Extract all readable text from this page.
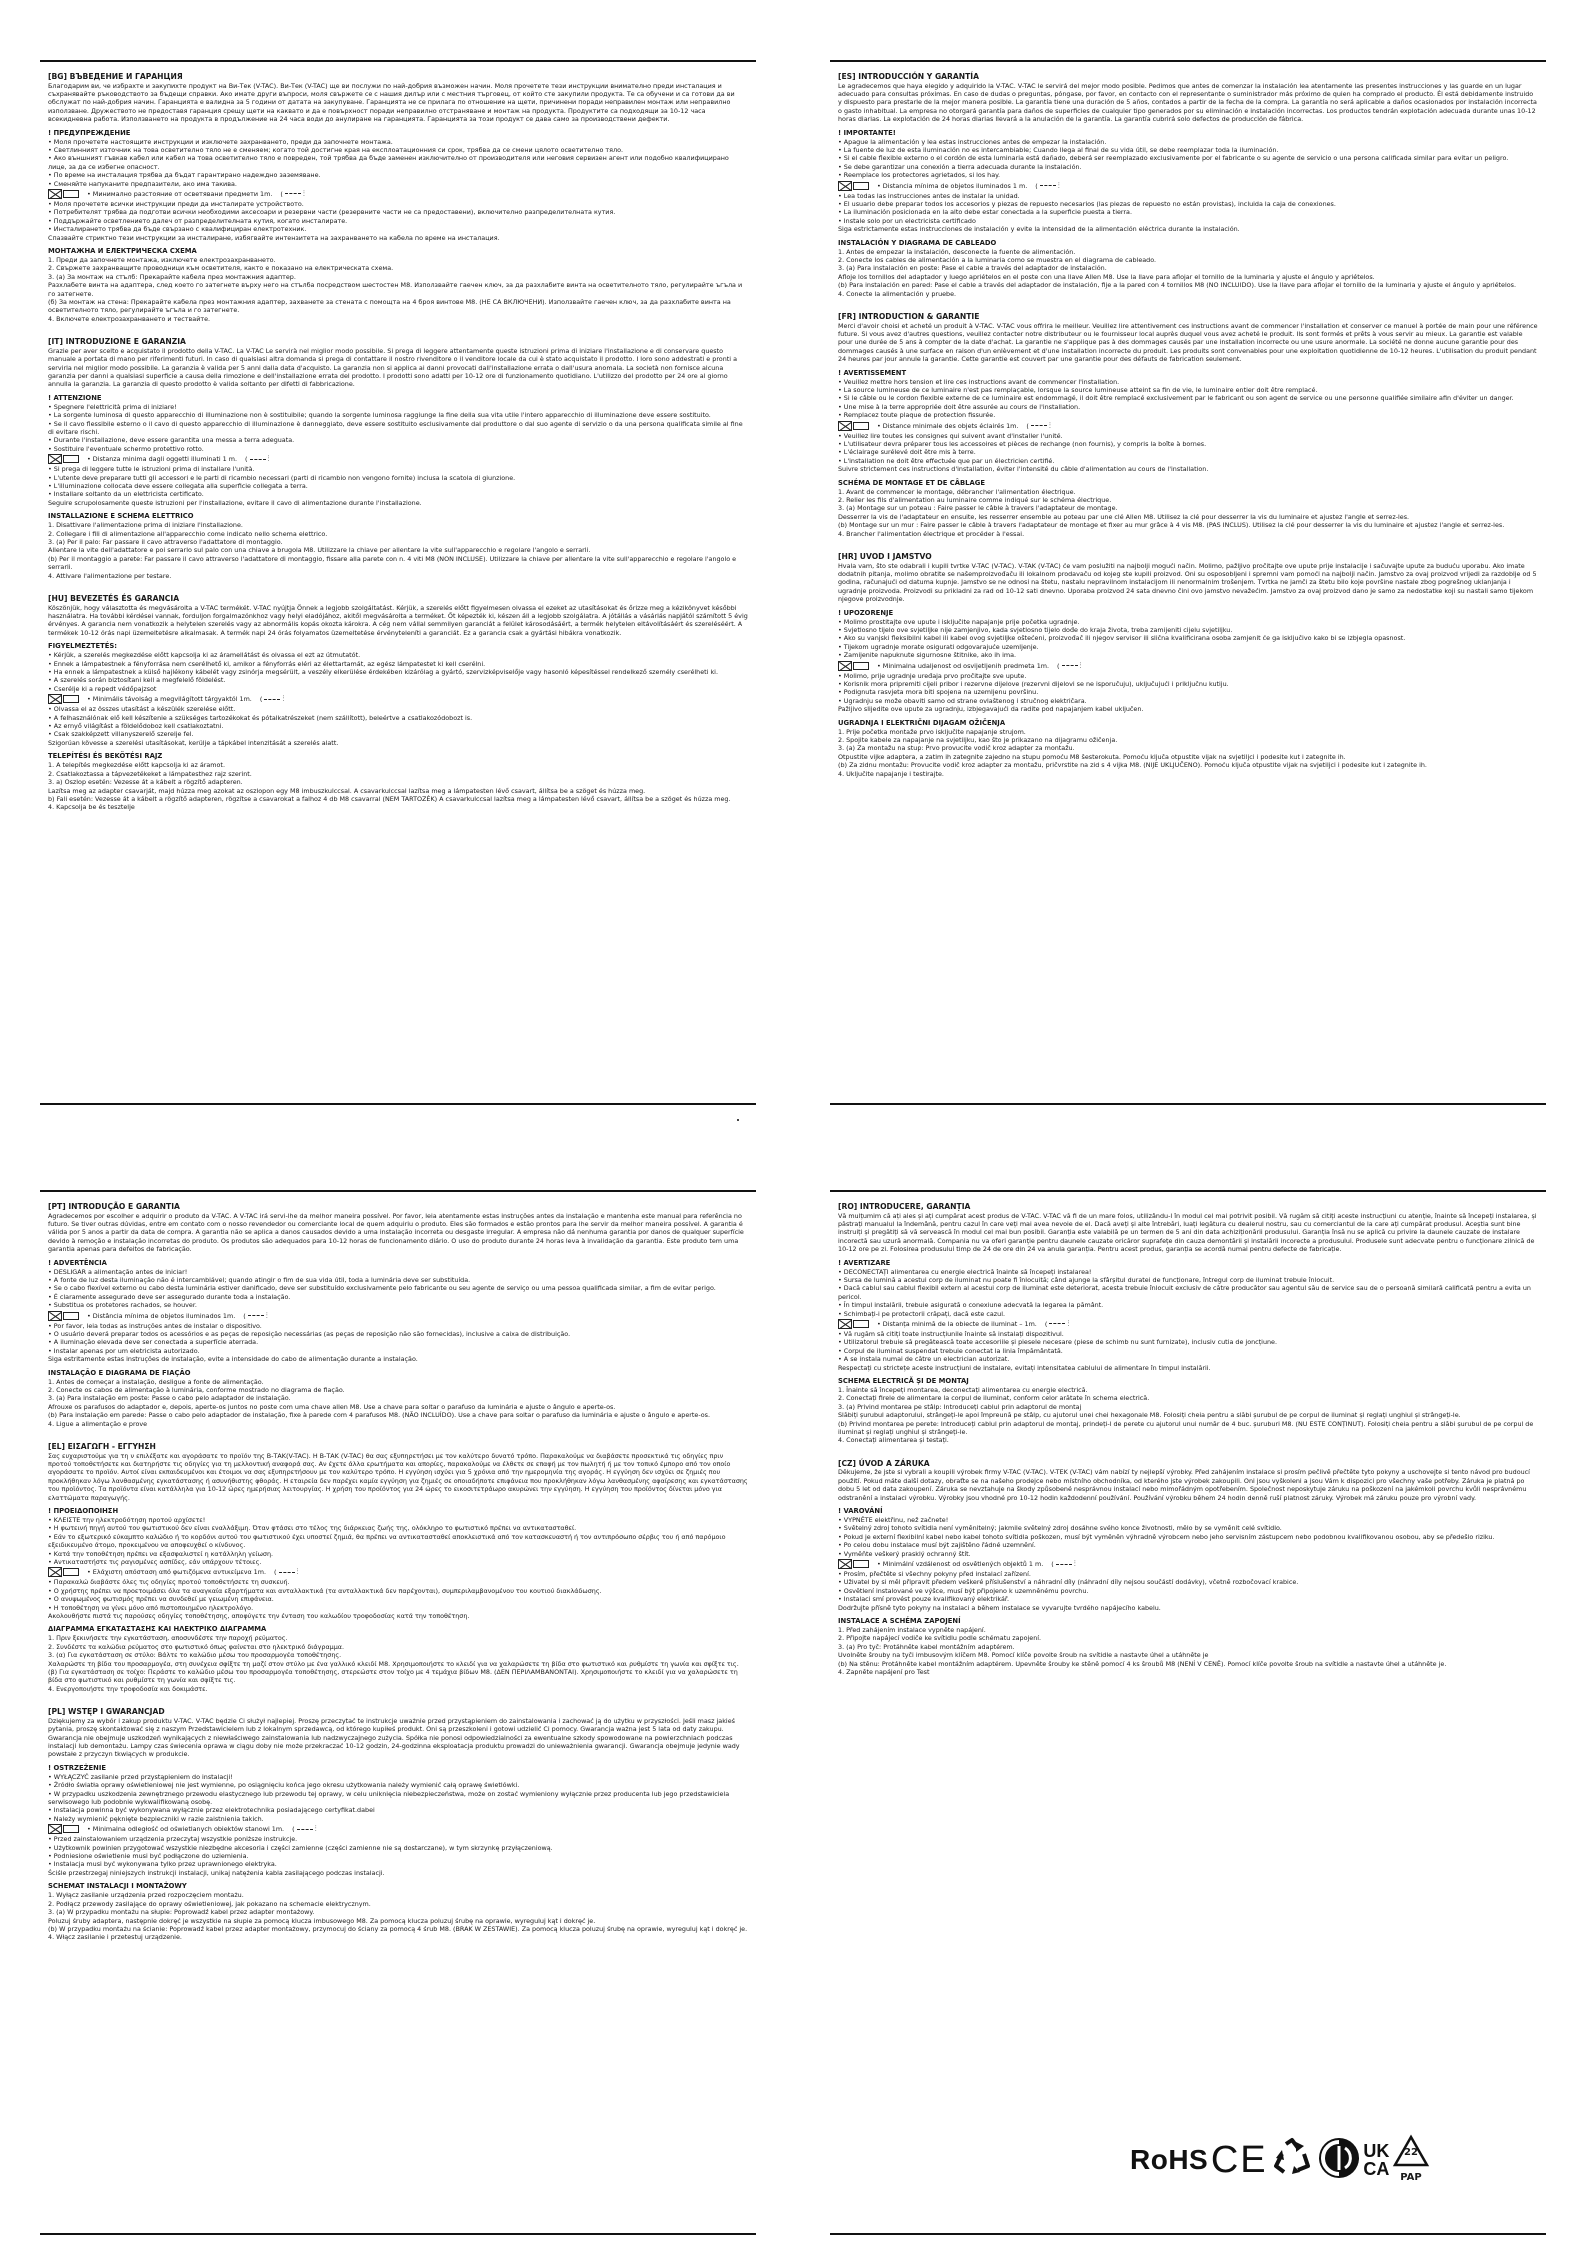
[BG] ВЪВЕДЕНИЕ И ГАРАНЦИЯ

Благодарим ви, че избрахте и закупихте продукт на Ви-Тек (V-TAC). Ви-Тек (V-TAC) ще ви послужи по най-добрия възможен начин. Моля прочетете тези инструкции внимателно преди инсталация и съхранявайте ръководството за бъдещи справки. Ако имате други въпроси, моля свържете се с нашия дилър или с местния търговец, от който сте закупили продукта. Те са обучени и са готови да ви обслужат по най-добрия начин. Гаранцията е валидна за 5 години от датата на закупуване. Гаранцията не се прилага по отношение на щети, причинени поради неправилен монтаж или неправилно използване. Дружеството не предоставя гаранция срещу щети на каквато и да е повърхност поради неправилно отстраняване и монтаж на продукта. Продуктите са подходящи за 10-12 часа всекидневна работа. Използването на продукта в продължение на 24 часа води до анулиране на гаранцията. Гаранцията за този продукт се дава само за производствени дефекти.

! ПРЕДУПРЕЖДЕНИЕ
• Моля прочетете настоящите инструкции и изключете захранването, преди да започнете монтажа.
• Светлинният източник на това осветително тяло не е сменяем; когато той достигне края на експлоатационния си срок, трябва да се смени цялото осветително тяло.
• Ако външният гъвкав кабел или кабел на това осветително тяло е повреден, той трябва да бъде заменен изключително от производителя или неговия сервизен агент или подобно квалифицирано лице, за да се избегне опасност.
• По време на инсталация трябва да бъдат гарантирано надеждно заземяване.
• Сменяйте напуканите предпазители, ако има такива.
• Минимално разстояние от осветявани предмети 1m. (	⫶
• Моля прочетете всички инструкции преди да инсталирате устройството.
• Потребителят трябва да подготви всички необходими аксесоари и резервни части (резервните части не са предоставени), включително разпределителната кутия.
• Поддържайте осветлението далеч от разпределителната кутия, когато инсталирате.
• Инсталирането трябва да бъде свързано с квалифициран електротехник.
Спазвайте стриктно тези инструкции за инсталиране, избягвайте интензитета на захранването на кабела по време на инсталация.
МОНТАЖНА И ЕЛЕКТРИЧЕСКА СХЕМА
1. Преди да започнете монтажа, изключете електрозахранването.
2. Свържете захранващите проводници към осветителя, както е показано на електрическата схема.
3. (а) За монтаж на стълб: Прекарайте кабела през монтажния адаптер.
Разхлабете винта на адаптера, след което го затегнете върху него на стълба посредством шестостен M8. Използвайте гаечен ключ, за да разхлабите винта на осветителното тяло, регулирайте ъгъла и го затегнете.
(б) За монтаж на стена: Прекарайте кабела през монтажния адаптер, захванете за стената с помощта на 4 броя винтове M8. (НЕ СА ВКЛЮЧЕНИ). Използвайте гаечен ключ, за да разхлабите винта на осветителното тяло, регулирайте ъгъла и го затегнете.
4. Включете електрозахранването и тествайте.
[IT] INTRODUZIONE E GARANZIA

Grazie per aver scelto e acquistato il prodotto della V-TAC. La V-TAC Le servirà nel miglior modo possibile. Si prega di leggere attentamente queste istruzioni prima di iniziare l'installazione e di conservare questo manuale a portata di mano per riferimenti futuri. In caso di qualsiasi altra domanda si prega di contattare il nostro rivenditore o il venditore locale da cui è stato acquistato il prodotto. I loro sono addestrati e pronti a servirla nel miglior modo possibile. La garanzia è valida per 5 anni dalla data d'acquisto. La garanzia non si applica ai danni provocati dall'installazione errata o dall'usura anomala. La società non fornisce alcuna garanzia per danni a qualsiasi superficie a causa della rimozione e dell'installazione errata del prodotto. I prodotti sono adatti per 10-12 ore di funzionamento quotidiano. L'utilizzo del prodotto per 24 ore al giorno annulla la garanzia. La garanzia di questo prodotto è valida soltanto per difetti di fabbricazione.

! ATTENZIONE
• Spegnere l'elettricità prima di iniziare!
• La sorgente luminosa di questo apparecchio di illuminazione non è sostituibile; quando la sorgente luminosa raggiunge la fine della sua vita utile l'intero apparecchio di illuminazione deve essere sostituito.
• Se il cavo flessibile esterno o il cavo di questo apparecchio di illuminazione è danneggiato, deve essere sostituito esclusivamente dal produttore o dal suo agente di servizio o da una persona qualificata simile al fine di evitare rischi.
• Durante l'installazione, deve essere garantita una messa a terra adeguata.
• Sostituire l'eventuale schermo protettivo rotto.
• Distanza minima dagli oggetti illuminati 1 m. (	⫶
• Si prega di leggere tutte le istruzioni prima di installare l'unità.
• L'utente deve preparare tutti gli accessori e le parti di ricambio necessari (parti di ricambio non vengono fornite) inclusa la scatola di giunzione.
• L'illuminazione collocata deve essere collegata alla superficie collegata a terra.
• Installare soltanto da un elettricista certificato.
Seguire scrupolosamente queste istruzioni per l'installazione, evitare il cavo di alimentazione durante l'installazione.
INSTALLAZIONE E SCHEMA ELETTRICO
1. Disattivare l'alimentazione prima di iniziare l'installazione.
2. Collegare i fili di alimentazione all'apparecchio come indicato nello schema elettrico.
3. (a) Per il palo: Far passare il cavo attraverso l'adattatore di montaggio.
Allentare la vite dell'adattatore e poi serrarlo sul palo con una chiave a brugola M8. Utilizzare la chiave per allentare la vite sull'apparecchio e regolare l'angolo e serrarli.
(b) Per il montaggio a parete: Far passare il cavo attraverso l'adattatore di montaggio, fissare alla parete con n. 4 viti M8 (NON INCLUSE). Utilizzare la chiave per allentare la vite sull'apparecchio e regolare l'angolo e serrarli.
4. Attivare l'alimentazione per testare.
[HU] BEVEZETÉS ÉS GARANCIA

Köszönjük, hogy választotta és megvásárolta a V-TAC termékét. V-TAC nyújtja Önnek a legjobb szolgáltatást. Kérjük, a szerelés előtt figyelmesen olvassa el ezeket az utasításokat és őrizze meg a kézikönyvet későbbi használatra. Ha további kérdései vannak, forduljon forgalmazónkhoz vagy helyi eladójához, akitől megvásárolta a terméket. Őt képezték ki, készen áll a legjobb szolgálatra. A jótállás a vásárlás napjától számított 5 évig érvényes. A garancia nem vonatkozik a helytelen szerelés vagy az abnormális kopás okozta károkra. A cég nem vállal semmilyen garanciát a felület károsodásáért, a termék helytelen eltávolításáért és szereléséért. A termékek 10-12 órás napi üzemeltetésre alkalmasak. A termék napi 24 órás folyamatos üzemeltetése érvényteleníti a garanciát. Ez a garancia csak a gyártási hibákra vonatkozik.

FIGYELMEZTETÉS:
• Kérjük, a szerelés megkezdése előtt kapcsolja ki az áramellátást és olvassa el ezt az útmutatót.
• Ennek a lámpatestnek a fényforrása nem cserélhető ki, amikor a fényforrás eléri az élettartamát, az egész lámpatestet ki kell cserélni.
• Ha ennek a lámpatestnek a külső hajlékony kábelét vagy zsinórja megsérült, a veszély elkerülése érdekében kizárólag a gyártó, szervizképviselője vagy hasonló képesítéssel rendelkező személy cserélheti ki.
• A szerelés során biztosítani kell a megfelelő földelést.
• Cserélje ki a repedt védőpajzsot
• Minimális távolság a megvilágított tárgyaktól 1m. (	⫶
• Olvassa el az összes utasítást a készülék szerelése előtt.
• A felhasználónak elő kell készítenie a szükséges tartozékokat és pótalkatrészeket (nem szállított), beleértve a csatlakozódobozt is.
• Az ernyő világítást a földelődoboz kell csatlakoztatni.
• Csak szakképzett villanyszerelő szerelje fel.
Szigorúan kövesse a szerelési utasításokat, kerülje a tápkábel intenzitását a szerelés alatt.
TELEPÍTÉSI ÉS BEKÖTÉSI RAJZ
1. A telepítés megkezdése előtt kapcsolja ki az áramot.
2. Csatlakoztassa a tápvezetékeket a lámpatesthez rajz szerint.
3. a) Oszlop esetén: Vezesse át a kábelt a rögzítő adapteren.
Lazítsa meg az adapter csavarját, majd húzza meg azokat az oszlopon egy M8 imbuszkulccsal. A csavarkulccsal lazítsa meg a lámpatesten lévő csavart, állítsa be a szöget és húzza meg.
b) Fali esetén: Vezesse át a kábelt a rögzítő adapteren, rögzítse a csavarokat a falhoz 4 db M8 csavarral (NEM TARTOZÉK) A csavarkulccsal lazítsa meg a lámpatesten lévő csavart, állítsa be a szöget és húzza meg.
4. Kapcsolja be és tesztelje
[ES] INTRODUCCIÓN Y GARANTÍA

Le agradecemos que haya elegido y adquirido la V-TAC. V-TAC le servirá del mejor modo posible. Pedimos que antes de comenzar la instalación lea atentamente las presentes instrucciones y las guarde en un lugar adecuado para consultas próximas. En caso de dudas o preguntas, póngase, por favor, en contacto con el representante o suministrador más próximo de quien ha comprado el producto. Él está debidamente instruido y dispuesto para prestarle de la mejor manera posible. La garantía tiene una duración de 5 años, contados a partir de la fecha de la compra. La garantía no será aplicable a daños ocasionados por instalación incorrecta o gasto inhabitual. La empresa no otorgará garantía para daños de superficies de cualquier tipo generados por su eliminación e instalación incorrectas. Los productos tendrán explotación adecuada durante unas 10-12 horas diarias. La explotación de 24 horas diarias llevará a la anulación de la garantía. La garantía cubrirá solo defectos de producción de fábrica.

! IMPORTANTE!
• Apague la alimentación y lea estas instrucciones antes de empezar la instalación.
• La fuente de luz de esta iluminación no es intercambiable; Cuando llega al final de su vida útil, se debe reemplazar toda la iluminación.
• Si el cable flexible externo o el cordón de esta luminaria está dañado, deberá ser reemplazado exclusivamente por el fabricante o su agente de servicio o una persona calificada similar para evitar un peligro.
• Se debe garantizar una conexión a tierra adecuada durante la instalación.
• Reemplace los protectores agrietados, si los hay.
• Distancia mínima de objetos iluminados 1 m. (	⫶
• Lea todas las instrucciones antes de instalar la unidad.
• El usuario debe preparar todos los accesorios y piezas de repuesto necesarios (las piezas de repuesto no están provistas), incluida la caja de conexiones.
• La iluminación posicionada en la alto debe estar conectada a la superficie puesta a tierra.
• Instale solo por un electricista certificado
Siga estrictamente estas instrucciones de instalación y evite la intensidad de la alimentación eléctrica durante la instalación.
INSTALACIÓN Y DIAGRAMA DE CABLEADO
1. Antes de empezar la instalación, desconecte la fuente de alimentación.
2. Conecte los cables de alimentación a la luminaria como se muestra en el diagrama de cableado.
3. (a) Para instalación en poste: Pase el cable a través del adaptador de instalación.
Afloje los tornillos del adaptador y luego apriételos en el poste con una llave Allen M8. Use la llave para aflojar el tornillo de la luminaria y ajuste el ángulo y apriételos.
(b) Para instalación en pared: Pase el cable a través del adaptador de instalación, fije a la pared con 4 tornillos M8 (NO INCLUIDO). Use la llave para aflojar el tornillo de la luminaria y ajuste el ángulo y apriételos.
4. Conecte la alimentación y pruebe.
[FR] INTRODUCTION & GARANTIE

Merci d'avoir choisi et acheté un produit à V-TAC. V-TAC vous offrira le meilleur. Veuillez lire attentivement ces instructions avant de commencer l'installation et conserver ce manuel à portée de main pour une référence future. Si vous avez d'autres questions, veuillez contacter notre distributeur ou le fournisseur local auprès duquel vous avez acheté le produit. Ils sont formés et prêts à vous servir au mieux. La garantie est valable pour une durée de 5 ans à compter de la date d'achat. La garantie ne s'applique pas à des dommages causés par une installation incorrecte ou une usure anormale. La société ne donne aucune garantie pour des dommages causés à une surface en raison d'un enlèvement et d'une installation incorrecte du produit. Les produits sont convenables pour une exploitation quotidienne de 10-12 heures. L'utilisation du produit pendant 24 heures par jour annule la garantie. Cette garantie est couvert par une garantie pour des défauts de fabrication seulement.

! AVERTISSEMENT
• Veuillez mettre hors tension et lire ces instructions avant de commencer l'installation.
• La source lumineuse de ce luminaire n'est pas remplaçable, lorsque la source lumineuse atteint sa fin de vie, le luminaire entier doit être remplacé.
• Si le câble ou le cordon flexible externe de ce luminaire est endommagé, il doit être remplacé exclusivement par le fabricant ou son agent de service ou une personne qualifiée similaire afin d'éviter un danger.
• Une mise à la terre appropriée doit être assurée au cours de l'installation.
• Remplacez toute plaque de protection fissurée.
• Distance minimale des objets éclairés 1m. (	⫶
• Veuillez lire toutes les consignes qui suivent avant d'installer l'unité.
• L'utilisateur devra préparer tous les accessoires et pièces de rechange (non fournis), y compris la boîte à bornes.
• L'éclairage surélevé doit être mis à terre.
• L'installation ne doit être effectuée que par un électricien certifié.
Suivre strictement ces instructions d'installation, éviter l'intensité du câble d'alimentation au cours de l'installation.
SCHÉMA DE MONTAGE ET DE CÂBLAGE
1. Avant de commencer le montage, débrancher l'alimentation électrique.
2. Relier les fils d'alimentation au luminaire comme indiqué sur le schéma électrique.
3. (a) Montage sur un poteau : Faire passer le câble à travers l'adaptateur de montage.
Desserrer la vis de l'adaptateur en ensuite, les resserrer ensemble au poteau par une clé Allen M8. Utilisez la clé pour desserrer la vis du luminaire et ajustez l'angle et serrez-les.
(b) Montage sur un mur : Faire passer le câble à travers l'adaptateur de montage et fixer au mur grâce à 4 vis M8. (PAS INCLUS). Utilisez la clé pour desserrer la vis du luminaire et ajustez l'angle et serrez-les.
4. Brancher l'alimentation électrique et procéder à l'essai.
[HR] UVOD I JAMSTVO

Hvala vam, što ste odabrali i kupili tvrtke V-TAC (V-TAC). V-TAK (V-TAC) će vam poslužiti na najbolji mogući način. Molimo, pažljivo pročitajte ove upute prije instalacije i sačuvajte upute za buduću uporabu. Ako imate dodatnih pitanja, molimo obratite se našemproizvođaču ili lokalnom prodavaču od kojeg ste kupili proizvod. Oni su osposobljeni i spremni vam pomoći na najbolji način. Jamstvo za ovaj proizvod vrijedi za razdoblje od 5 godina, računajući od datuma kupnje. Jamstvo se ne odnosi na štetu, nastalu nepravilnom instalacijom ili nenormalnim trošenjem. Tvrtka ne jamči za štetu bilo koje površine nastale zbog pogrešnog uklanjanja i ugradnje proizvoda. Proizvodi su prikladni za rad od 10-12 sati dnevno. Uporaba proizvod 24 sata dnevno čini ovo jamstvo nevažećim. Jamstvo za ovaj proizvod dano je samo za nedostatke koji su nastali samo tijekom njegove proizvodnje.

! UPOZORENJE
• Molimo prostitajte ove upute i isključite napajanje prije početka ugradnje.
• Svjetlosno tijelo ove svjetiljke nije zamjenjivo, kada svjetlosno tijelo dođe do kraja života, treba zamijeniti cijelu svjetiljku.
• Ako su vanjski fleksibilni kabel ili kabel ovog svjetiljke oštećeni, proizvođač ili njegov servisor ili slična kvalificirana osoba zamjenit će ga isključivo kako bi se izbjegla opasnost.
• Tijekom ugradnje morate osigurati odgovarajuće uzemljenje.
• Zamijenite napuknute sigurnosne štitnike, ako ih ima.
• Minimalna udaljenost od osvijetljenih predmeta 1m. (	⫶
• Molimo, prije ugradnje uređaja prvo pročitajte sve upute.
• Korisnik mora pripremiti cijeli pribor i rezervne dijelove (rezervni dijelovi se ne isporučuju), uključujući i priključnu kutiju.
• Podignuta rasvjeta mora biti spojena na uzemljenu površinu.
• Ugradnju se može obaviti samo od strane ovlaštenog i stručnog električara.
Pažljivo slijedite ove upute za ugradnju, izbjegavajući da radite pod napajanjem kabel uključen.
UGRADNJA I ELEKTRIČNI DIJAGAM OŽIČENJA
1. Prije početka montaže prvo isključite napajanje strujom.
2. Spojite kabele za napajanje na svjetiljku, kao što je prikazano na dijagramu ožičenja.
3. (a) Za montažu na stup: Prvo provucite vodič kroz adapter za montažu.
Otpustite vijke adaptera, a zatim ih zategnite zajedno na stupu pomoću M8 šesterokuta. Pomoću ključa otpustite vijak na svjetiljci i podesite kut i zategnite ih.
(b) Za zidnu montažu: Provucite vodič kroz adapter za montažu, pričvrstite na zid s 4 vijka M8. (NIJE UKLJUČENO). Pomoću ključa otpustite vijak na svjetiljci i podesite kut i zategnite ih.
4. Uključite napajanje i testirajte.
[PT] INTRODUÇÃO E GARANTIA

Agradecemos por escolher e adquirir o produto da V-TAC. A V-TAC irá servi-lhe da melhor maneira possível. Por favor, leia atentamente estas instruções antes da instalação e mantenha este manual para referência no futuro. Se tiver outras dúvidas, entre em contato com o nosso revendedor ou comerciante local de quem adquiriu o produto. Eles são formados e estão prontos para lhe servir da melhor maneira possível. A garantia é válida por 5 anos a partir da data de compra. A garantia não se aplica a danos causados devido a uma instalação incorreta ou desgaste irregular. A empresa não dá nenhuma garantia por danos de qualquer superfície devido à remoção e instalação incorretas do produto. Os produtos são adequados para 10-12 horas de funcionamento diário. O uso do produto durante 24 horas leva à invalidação da garantia. Este produto tem uma garantia apenas para defeitos de fabricação.

! ADVERTÊNCIA
• DESLIGAR a alimentação antes de iniciar!
• A fonte de luz desta iluminação não é intercambiável; quando atingir o fim de sua vida útil, toda a luminária deve ser substituída.
• Se o cabo flexível externo ou cabo desta luminária estiver danificado, deve ser substituído exclusivamente pelo fabricante ou seu agente de serviço ou uma pessoa qualificada similar, a fim de evitar perigo.
• É claramente assegurado deve ser assegurado durante toda a instalação.
• Substitua os protetores rachados, se houver.
• Distância mínima de objetos iluminados 1m. (	⫶
• Por favor, leia todas as instruções antes de instalar o dispositivo.
• O usuário deverá preparar todos os acessórios e as peças de reposição necessárias (as peças de reposição não são fornecidas), inclusive a caixa de distribuição.
• A iluminação elevada deve ser conectada a superfície aterrada.
• Instalar apenas por um eletricista autorizado.
Siga estritamente estas instruções de instalação, evite a intensidade do cabo de alimentação durante a instalação.
INSTALAÇÃO E DIAGRAMA DE FIAÇÃO
1. Antes de começar a instalação, desligue a fonte de alimentação.
2. Conecte os cabos de alimentação à luminária, conforme mostrado no diagrama de fiação.
3. (a) Para instalação em poste: Passe o cabo pelo adaptador de instalação.
Afrouxe os parafusos do adaptador e, depois, aperte-os juntos no poste com uma chave allen M8. Use a chave para soltar o parafuso da luminária e ajuste o ângulo e aperte-os.
(b) Para instalação em parede: Passe o cabo pelo adaptador de instalação, fixe à parede com 4 parafusos M8. (NÃO INCLUÍDO). Use a chave para soltar o parafuso da luminária e ajuste o ângulo e aperte-os.
4. Ligue a alimentação e prove
[EL] ΕΙΣΑΓΩΓΗ - ΕΓΓΥΗΣΗ

Σας ευχαριστούμε για τη ν επιλέξατε και αγοράσατε το προϊόν της Β-ΤΑΚ(V-TAC). Η Β-ΤΑΚ (V-TAC) θα σας εξυπηρετήσει με τον καλύτερο δυνατό τρόπο. Παρακαλούμε να διαβάσετε προσεκτικά τις οδηγίες πριν προτού τοποθετήσετε και διατηρήστε τις οδηγίες για τη μελλοντική αναφορά σας. Αν έχετε άλλα ερωτήματα και απορίες, παρακαλούμε να έλθετε σε επαφή με τον πωλητή ή με τον τοπικό έμπορο από τον οποίο αγοράσατε το προϊόν. Αυτοί είναι εκπαιδευμένοι και έτοιμοι να σας εξυπηρετήσουν με τον καλύτερο τρόπο. Η εγγύηση ισχύει για 5 χρόνια από την ημερομηνία της αγοράς. Η εγγύηση δεν ισχύει σε ζημιές που προκλήθηκαν λόγω λανθασμένης εγκατάστασης ή ασυνήθιστης φθοράς. Η εταιρεία δεν παρέχει καμία εγγύηση για ζημιές σε οποιαδήποτε επιφάνεια που προκλήθηκαν λόγω λανθασμένης αφαίρεσης και εγκατάστασης του προϊόντος. Τα προϊόντα είναι κατάλληλα για 10-12 ώρες ημερήσιας λειτουργίας. Η χρήση του προϊόντος για 24 ώρες το εικοσιτετράωρο ακυρώνει την εγγύηση. Η εγγύηση του προϊόντος δίνεται μόνο για ελαττώματα παραγωγής.

! ΠΡΟΕΙΔΟΠΟΙΗΣΗ
• ΚΛΕΙΣΤΕ την ηλεκτροδότηση προτού αρχίσετε!
• Η φωτεινή πηγή αυτού του φωτιστικού δεν είναι εναλλάξιμη. Όταν φτάσει στο τέλος της διάρκειας ζωής της, ολόκληρο το φωτιστικό πρέπει να αντικατασταθεί.
• Εάν το εξωτερικό εύκαμπτο καλώδιο ή το κορδόνι αυτού του φωτιστικού έχει υποστεί ζημιά, θα πρέπει να αντικατασταθεί αποκλειστικά από τον κατασκευαστή ή τον αντιπρόσωπο σέρβις του ή από παρόμοιο εξειδικευμένο άτομο, προκειμένου να αποφευχθεί ο κίνδυνος.
• Κατά την τοποθέτηση πρέπει να εξασφαλιστεί η κατάλληλη γείωση.
• Αντικαταστήστε τις ραγισμένες ασπίδες, εάν υπάρχουν τέτοιες.
• Ελάχιστη απόσταση από φωτιζόμενα αντικείμενα 1m. (	⫶
• Παρακαλώ διαβάστε όλες τις οδηγίες προτού τοποθετήσετε τη συσκευή.
• Ο χρήστης πρέπει να προετοιμάσει όλα τα αναγκαία εξαρτήματα και ανταλλακτικά (τα ανταλλακτικά δεν παρέχονται), συμπεριλαμβανομένου του κουτιού διακλάδωσης.
• Ο ανυψωμένος φωτισμός πρέπει να συνδεθεί με γειωμένη επιφάνεια.
• Η τοποθέτηση να γίνει μόνο από πιστοποιημένο ηλεκτρολόγο.
Ακολουθήστε πιστά τις παρούσες οδηγίες τοποθέτησης, αποφύγετε την ένταση του καλωδίου τροφοδοσίας κατά την τοποθέτηση.
ΔΙΑΓΡΑΜΜΑ ΕΓΚΑΤΑΣΤΑΣΗΣ ΚΑΙ ΗΛΕΚΤΡΙΚΟ ΔΙΑΓΡΑΜΜΑ
1. Πριν ξεκινήσετε την εγκατάσταση, αποσυνδέστε την παροχή ρεύματος.
2. Συνδέστε τα καλώδια ρεύματος στο φωτιστικό όπως φαίνεται στο ηλεκτρικό διάγραμμα.
3. (α) Για εγκατάσταση σε στύλο: Βάλτε το καλώδιο μέσω του προσαρμογέα τοποθέτησης.
Χαλαρώστε τη βίδα του προσαρμογέα, στη συνέχεια σφίξτε τη μαζί στον στύλο με ένα γαλλικό κλειδί M8. Χρησιμοποιήστε το κλειδί για να χαλαρώσετε τη βίδα στο φωτιστικό και ρυθμίστε τη γωνία και σφίξτε τις.
(β) Για εγκατάσταση σε τοίχο: Περάστε το καλώδιο μέσω του προσαρμογέα τοποθέτησης, στερεώστε στον τοίχο με 4 τεμάχια βίδων M8. (ΔΕΝ ΠΕΡΙΛΑΜΒΑΝΟΝΤΑΙ). Χρησιμοποιήστε το κλειδί για να χαλαρώσετε τη βίδα στο φωτιστικό και ρυθμίστε τη γωνία και σφίξτε τις.
4. Ενεργοποιήστε την τροφοδοσία και δοκιμάστε.
[PL] WSTĘP I GWARANCJAD

Dziękujemy za wybór i zakup produktu V-TAC. V-TAC będzie Ci służył najlepiej. Proszę przeczytać te instrukcje uważnie przed przystąpieniem do zainstalowania i zachować ją do użytku w przyszłości. Jeśli masz jakieś pytania, proszę skontaktować się z naszym Przedstawicielem lub z lokalnym sprzedawcą, od którego kupiłeś produkt. Oni są przeszkoleni i gotowi udzielić Ci pomocy. Gwarancja ważna jest 5 lata od daty zakupu. Gwarancja nie obejmuje uszkodzeń wynikających z niewłaściwego zainstalowania lub nadzwyczajnego zużycia. Spółka nie ponosi odpowiedzialności za ewentualne szkody spowodowane na powierzchniach podczas instalacji lub demontażu. Lampy czas świecenia oprawa w ciągu doby nie może przekraczać 10-12 godzin, 24-godzinna eksploatacja produktu prowadzi do unieważnienia gwarancji. Gwarancja obejmuje jedynie wady powstałe z przyczyn tkwiących w produkcie.

! OSTRZEŻENIE
• WYŁĄCZYĆ zasilanie przed przystąpieniem do instalacji!
• Źródło światła oprawy oświetleniowej nie jest wymienne, po osiągnięciu końca jego okresu użytkowania należy wymienić całą oprawę świetlówki.
• W przypadku uszkodzenia zewnętrznego przewodu elastycznego lub przewodu tej oprawy, w celu uniknięcia niebezpieczeństwa, może on zostać wymieniony wyłącznie przez producenta lub jego przedstawiciela serwisowego lub podobnie wykwalifikowaną osobę.
• Instalacja powinna być wykonywana wyłącznie przez elektrotechnika posiadającego certyfikat.dabei
• Należy wymienić pęknięte bezpieczniki w razie zaistnienia takich.
• Minimalna odległość od oświetlanych obiektów stanowi 1m. (	⫶
• Przed zainstalowaniem urządzenia przeczytaj wszystkie poniższe instrukcje.
• Użytkownik powinien przygotować wszystkie niezbędne akcesoria i części zamienne (części zamienne nie są dostarczane), w tym skrzynkę przyłączeniową.
• Podniesione oświetlenie musi być podłączone do uziemienia.
• Instalacja musi być wykonywana tylko przez uprawnionego elektryka.
Ściśle przestrzegaj niniejszych instrukcji instalacji, unikaj natężenia kabla zasilającego podczas instalacji.
SCHEMAT INSTALACJI I MONTAŻOWY
1. Wyłącz zasilanie urządzenia przed rozpoczęciem montażu.
2. Podłącz przewody zasilające do oprawy oświetleniowej, jak pokazano na schemacie elektrycznym.
3. (a) W przypadku montażu na słupie: Poprowadź kabel przez adapter montażowy.
Poluzuj śruby adaptera, następnie dokręć je wszystkie na słupie za pomocą klucza imbusowego M8. Za pomocą klucza poluzuj śrubę na oprawie, wyreguluj kąt i dokręć je.
(b) W przypadku montażu na ścianie: Poprowadź kabel przez adapter montażowy, przymocuj do ściany za pomocą 4 śrub M8. (BRAK W ZESTAWIE). Za pomocą klucza poluzuj śrubę na oprawie, wyreguluj kąt i dokręć je.
4. Włącz zasilanie i przetestuj urządzenie.
[RO] INTRODUCERE, GARANȚIA

Vă mulțumim că ați ales și ați cumpărat acest produs de V-TAC. V-TAC vă fi de un mare folos, utilizându-l în modul cel mai potrivit posibil. Vă rugăm să citiți aceste instrucțiuni cu atenție, înainte să începeți instalarea, și păstrați manualul la îndemână, pentru cazul în care veți mai avea nevoie de el. Dacă aveți și alte întrebări, luați legătura cu dealerul nostru, sau cu comerciantul de la care ați cumpărat produsul. Aceștia sunt bine instruiți și pregătiți să vă servească în modul cel mai bun posibil. Garanția este valabilă pe un termen de 5 ani din data achiziționării produsului. Garanția însă nu se aplică cu privire la daunele cauzate de instalare incorectă sau uzură anormală. Compania nu va oferi garanție pentru daunele cauzate oricăror suprafețe din cauza demontării și instalării incorecte a produsului. Produsele sunt adecvate pentru o funcționare zilnică de 10-12 ore pe zi. Folosirea produsului timp de 24 de ore din 24 va anula garanția. Pentru acest produs, garanția se acordă numai pentru defecte de fabricație.

! AVERTIZARE
• DECONECTAȚI alimentarea cu energie electrică înainte să începeți instalarea!
• Sursa de lumină a acestui corp de iluminat nu poate fi înlocuită; când ajunge la sfârșitul duratei de funcționare, întregul corp de iluminat trebuie înlocuit.
• Dacă cablul sau cablul flexibil extern al acestui corp de iluminat este deteriorat, acesta trebuie înlocuit exclusiv de către producător sau agentul său de service sau de o persoană similară calificată pentru a evita un pericol.
• În timpul instalării, trebuie asigurată o conexiune adecvată la legarea la pământ.
• Schimbați-i pe protectorii crăpați, dacă este cazul.
• Distanța minimă de la obiecte de iluminat – 1m. (	⫶
• Vă rugăm să citiți toate instrucțiunile înainte să instalați dispozitivul.
• Utilizatorul trebuie să pregătească toate accesoriile și piesele necesare (piese de schimb nu sunt furnizate), inclusiv cutia de joncțiune.
• Corpul de iluminat suspendat trebuie conectat la linia împământată.
• A se instala numai de către un electrician autorizat.
Respectați cu strictețe aceste instrucțiuni de instalare, evitați intensitatea cablului de alimentare în timpul instalării.
SCHEMA ELECTRICĂ ȘI DE MONTAJ
1. Înainte să începeți montarea, deconectați alimentarea cu energie electrică.
2. Conectați firele de alimentare la corpul de iluminat, conform celor arătate în schema electrică.
3. (a) Privind montarea pe stâlp: Introduceți cablul prin adaptorul de montaj
Slăbiți șurubul adaptorului, strângeți-le apoi împreună pe stâlp, cu ajutorul unei chei hexagonale M8. Folosiți cheia pentru a slăbi șurubul de pe corpul de iluminat și reglați unghiul și strângeți-le.
(b) Privind montarea pe perete: Introduceți cablul prin adaptorul de montaj, prindeți-l de perete cu ajutorul unui număr de 4 buc. șuruburi M8. (NU ESTE CONȚINUT). Folosiți cheia pentru a slăbi șurubul de pe corpul de iluminat și reglați unghiul și strângeți-le.
4. Conectați alimentarea și testați.
[CZ] ÚVOD A ZÁRUKA

Děkujeme, že jste si vybrali a koupili výrobek firmy V-TAC (V-TAC). V-TEK (V-TAC) vám nabízí ty nejlepší výrobky. Před zahájením instalace si prosím pečlivě přečtěte tyto pokyny a uschovejte si tento návod pro budoucí použití. Pokud máte další dotazy, obraťte se na našeho prodejce nebo místního obchodníka, od kterého jste výrobek zakoupili. Oni jsou vyškoleni a jsou Vám k dispozici pro všechny vaše potřeby. Záruka je platná po dobu 5 let od data zakoupení. Záruka se nevztahuje na škody způsobené nesprávnou instalací nebo mimořádným opotřebením. Společnost neposkytuje záruku na poškození na jakémkoli povrchu kvůli nesprávnému odstranění a instalaci výrobku. Výrobky jsou vhodné pro 10-12 hodin každodenní používání. Používání výrobku během 24 hodin denně ruší platnost záruky. Výrobek má záruku pouze pro výrobní vady.

! VAROVÁNÍ
• VYPNĚTE elektřinu, než začnete!
• Světelný zdroj tohoto svítidla není vyměnitelný; jakmile světelný zdroj dosáhne svého konce životnosti, mělo by se vyměnit celé svítidlo.
• Pokud je externí flexibilní kabel nebo kabel tohoto svítidla poškozen, musí být vyměněn výhradně výrobcem nebo jeho servisním zástupcem nebo podobnou kvalifikovanou osobou, aby se předešlo riziku.
• Po celou dobu instalace musí být zajištěno řádné uzemnění.
• Vyměňte veškerý prasklý ochranný štít.
• Minimální vzdálenost od osvětlených objektů 1 m. (	⫶
• Prosím, přečtěte si všechny pokyny před instalací zařízení.
• Uživatel by si měl připravit předem veškeré příslušenství a náhradní díly (náhradní díly nejsou součástí dodávky), včetně rozbočovací krabice.
• Osvětlení instalované ve výšce, musí být připojeno k uzemněnému povrchu.
• Instalaci smí provést pouze kvalifikovaný elektrikář.
Dodržujte přísně tyto pokyny na instalaci a během instalace se vyvarujte tvrdého napájecího kabelu.
INSTALACE A SCHÉMA ZAPOJENÍ
1. Před zahájením instalace vypněte napájení.
2. Připojte napájecí vodiče ke svítidlu podle schématu zapojení.
3. (a) Pro tyč: Protáhněte kabel montážním adaptérem.
Uvolněte šrouby na tyči imbusovým klíčem M8. Pomocí klíče povolte šroub na svítidle a nastavte úhel a utáhněte je
(b) Na stěnu: Protáhněte kabel montážním adaptérem. Upevněte šrouby ke stěně pomocí 4 ks šroubů M8 (NENÍ V CENĚ). Pomocí klíče povolte šroub na svítidle a nastavte úhel a utáhněte je.
4. Zapněte napájení pro Test
RoHS CE	UK
CA
22
PAP
